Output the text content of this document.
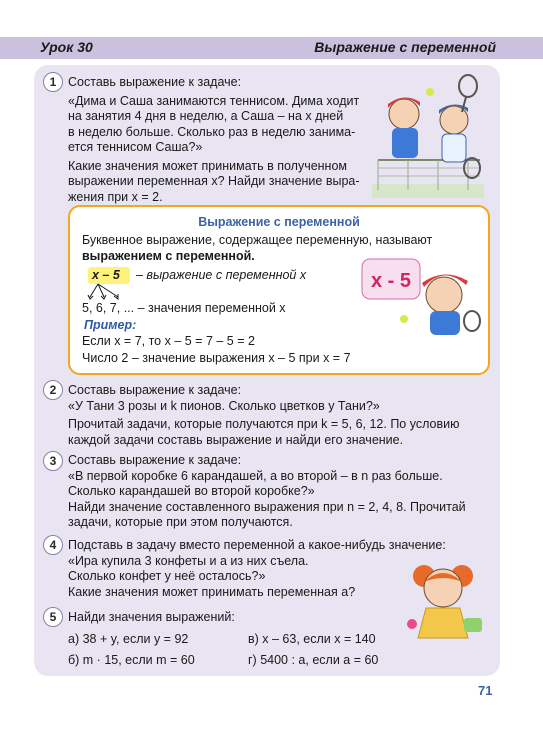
Урок 30	Выражение с переменной
1 Составь выражение к задаче:
«Дима и Саша занимаются теннисом. Дима ходит
на занятия 4 дня в неделю, а Саша – на x дней
в неделю больше. Сколько раз в неделю занима-
ется теннисом Саша?»
Какие значения может принимать в полученном
выражении переменная x? Найди значение выра-
жения при x = 2.
Выражение с переменной
Буквенное выражение, содержащее переменную, называют
выражением с переменной.
x – 5 – выражение с переменной x
5, 6, 7, ... – значения переменной x
Пример:
Если x = 7, то x – 5 = 7 – 5 = 2
Число 2 – значение выражения x – 5 при x = 7
x - 5
2 Составь выражение к задаче:
«У Тани 3 розы и k пионов. Сколько цветков у Тани?»
Прочитай задачи, которые получаются при k = 5, 6, 12. По условию
каждой задачи составь выражение и найди его значение.
3 Составь выражение к задаче:
«В первой коробке 6 карандашей, а во второй – в n раз больше.
Сколько карандашей во второй коробке?»
Найди значение составленного выражения при n = 2, 4, 8. Прочитай
задачи, которые при этом получаются.
4 Подставь в задачу вместо переменной a какое-нибудь значение:
«Ира купила 3 конфеты и a из них съела.
Сколько конфет у неё осталось?»
Какие значения может принимать переменная a?
5 Найди значения выражений:
а) 38 + y, если y = 92	в) x – 63, если x = 140
б) m · 15, если m = 60	г) 5400 : a, если a = 60
71
